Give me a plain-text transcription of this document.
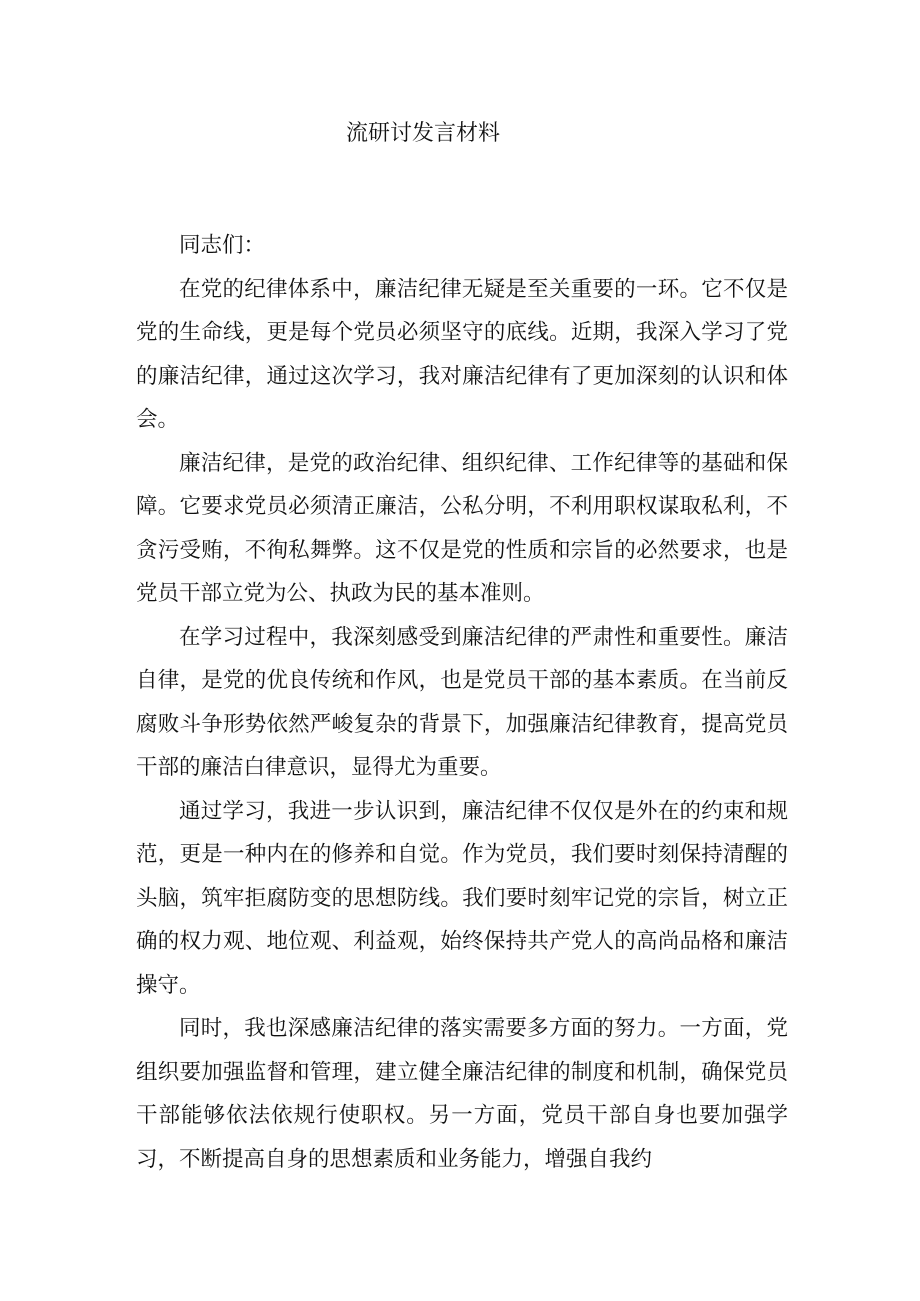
流研讨发言材料

同志们：

在党的纪律体系中，廉洁纪律无疑是至关重要的一环。它不仅是党的生命线，更是每个党员必须坚守的底线。近期，我深入学习了党的廉洁纪律，通过这次学习，我对廉洁纪律有了更加深刻的认识和体会。

廉洁纪律，是党的政治纪律、组织纪律、工作纪律等的基础和保障。它要求党员必须清正廉洁，公私分明，不利用职权谋取私利，不贪污受贿，不徇私舞弊。这不仅是党的性质和宗旨的必然要求，也是党员干部立党为公、执政为民的基本准则。

在学习过程中，我深刻感受到廉洁纪律的严肃性和重要性。廉洁自律，是党的优良传统和作风，也是党员干部的基本素质。在当前反腐败斗争形势依然严峻复杂的背景下，加强廉洁纪律教育，提高党员干部的廉洁白律意识，显得尤为重要。

通过学习，我进一步认识到，廉洁纪律不仅仅是外在的约束和规范，更是一种内在的修养和自觉。作为党员，我们要时刻保持清醒的头脑，筑牢拒腐防变的思想防线。我们要时刻牢记党的宗旨，树立正确的权力观、地位观、利益观，始终保持共产党人的高尚品格和廉洁操守。

同时，我也深感廉洁纪律的落实需要多方面的努力。一方面，党组织要加强监督和管理，建立健全廉洁纪律的制度和机制，确保党员干部能够依法依规行使职权。另一方面，党员干部自身也要加强学习，不断提高自身的思想素质和业务能力，增强自我约
